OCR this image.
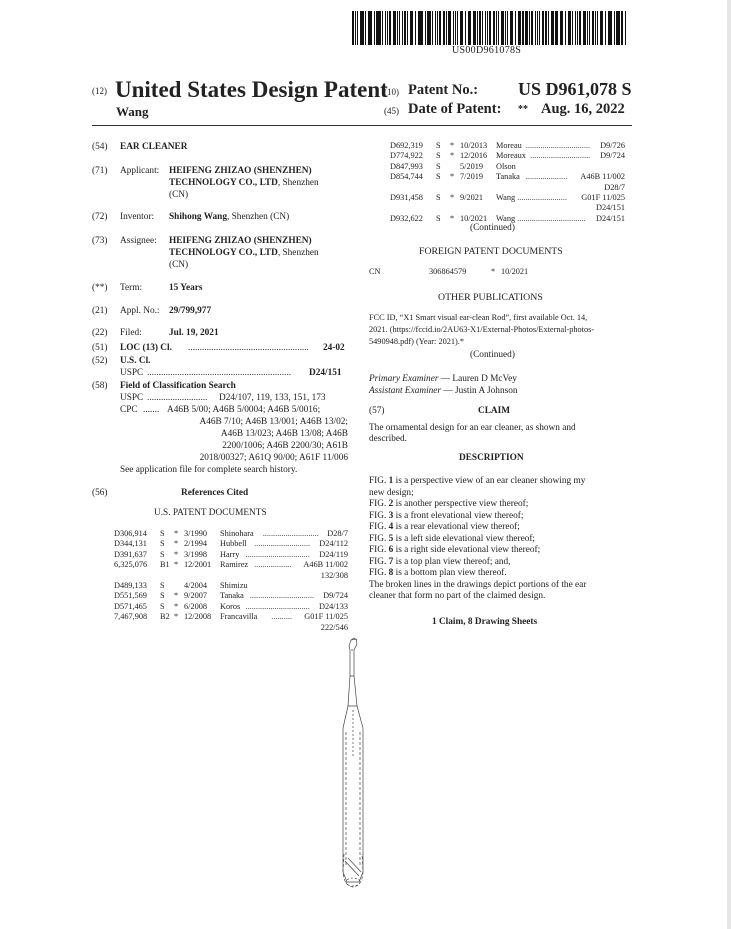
US00D961078S
(12) United States Design Patent
Wang
(10) Patent No.: US D961,078 S
(45) Date of Patent: ** Aug. 16, 2022
(54) EAR CLEANER
(71) Applicant: HEIFENG ZHIZAO (SHENZHEN)
TECHNOLOGY CO., LTD, Shenzhen
(CN)
(72) Inventor: Shihong Wang, Shenzhen (CN)
(73) Assignee: HEIFENG ZHIZAO (SHENZHEN)
TECHNOLOGY CO., LTD, Shenzhen
(CN)
(**) Term:	15 Years
(21) Appl. No.: 29/799,977
(22) Filed:	Jul. 19, 2021
(51) LOC (13) Cl. ....................................................	24-02
(52) U.S. Cl.
USPC ..............................................................	D24/151
(58) Field of Classification Search
USPC ..........................	D24/107, 119, 133, 151, 173
CPC ....... A46B 5/00; A46B 5/0004; A46B 5/0016;
A46B 7/10; A46B 13/001; A46B 13/02;
A46B 13/023; A46B 13/08; A46B
2200/1006; A46B 2200/30; A61B
2018/00327; A61Q 90/00; A61F 11/006
See application file for complete search history.
(56)	References Cited
U.S. PATENT DOCUMENTS
D306,914 S * 3/1990 Shinohara	D28/7
...........................
D344,131 S * 2/1994 Hubbell	D24/112
...........................
D391,637 S * 3/1998 Harry	D24/119
...............................
6,325,076 B1 * 12/2001 Ramirez	A46B 11/002
..................
132/308
D489,133 S 4/2004 Shimizu
D551,569 S * 9/2007 Tanaka	D9/724
...............................
D571,465 S * 6/2008 Koros	D24/133
...............................
7,467,908 B2 * 12/2008 Francavilla	G01F 11/025
..........
222/546
D692,319 S * 10/2013 Moreau	D9/726
...............................
D774,922 S * 12/2016 Moreaux	D9/724
.............................
D847,993 S 5/2019 Olson
D854,744 S * 7/2019 Tanaka	A46B 11/002
....................
D28/7
D931,458 S * 9/2021 Wang	G01F 11/025
........................
D24/151
D932,622 S * 10/2021 Wang	D24/151
.................................
(Continued)
FOREIGN PATENT DOCUMENTS
CN	306864579	* 10/2021
OTHER PUBLICATIONS
FCC ID, “X1 Smart visual ear-clean Rod”, first available Oct. 14,
2021. (https://fccid.io/2AU63-X1/External-Photos/External-photos-
5490948.pdf) (Year: 2021).*
(Continued)
Primary Examiner — Lauren D McVey
Assistant Examiner — Justin A Johnson
(57)	CLAIM
The ornamental design for an ear cleaner, as shown and
described.
DESCRIPTION
FIG. 1 is a perspective view of an ear cleaner showing my
new design;
FIG. 2 is another perspective view thereof;
FIG. 3 is a front elevational view thereof;
FIG. 4 is a rear elevational view thereof;
FIG. 5 is a left side elevational view thereof;
FIG. 6 is a right side elevational view thereof;
FIG. 7 is a top plan view thereof; and,
FIG. 8 is a bottom plan view thereof.
The broken lines in the drawings depict portions of the ear
cleaner that form no part of the claimed design.
1 Claim, 8 Drawing Sheets
